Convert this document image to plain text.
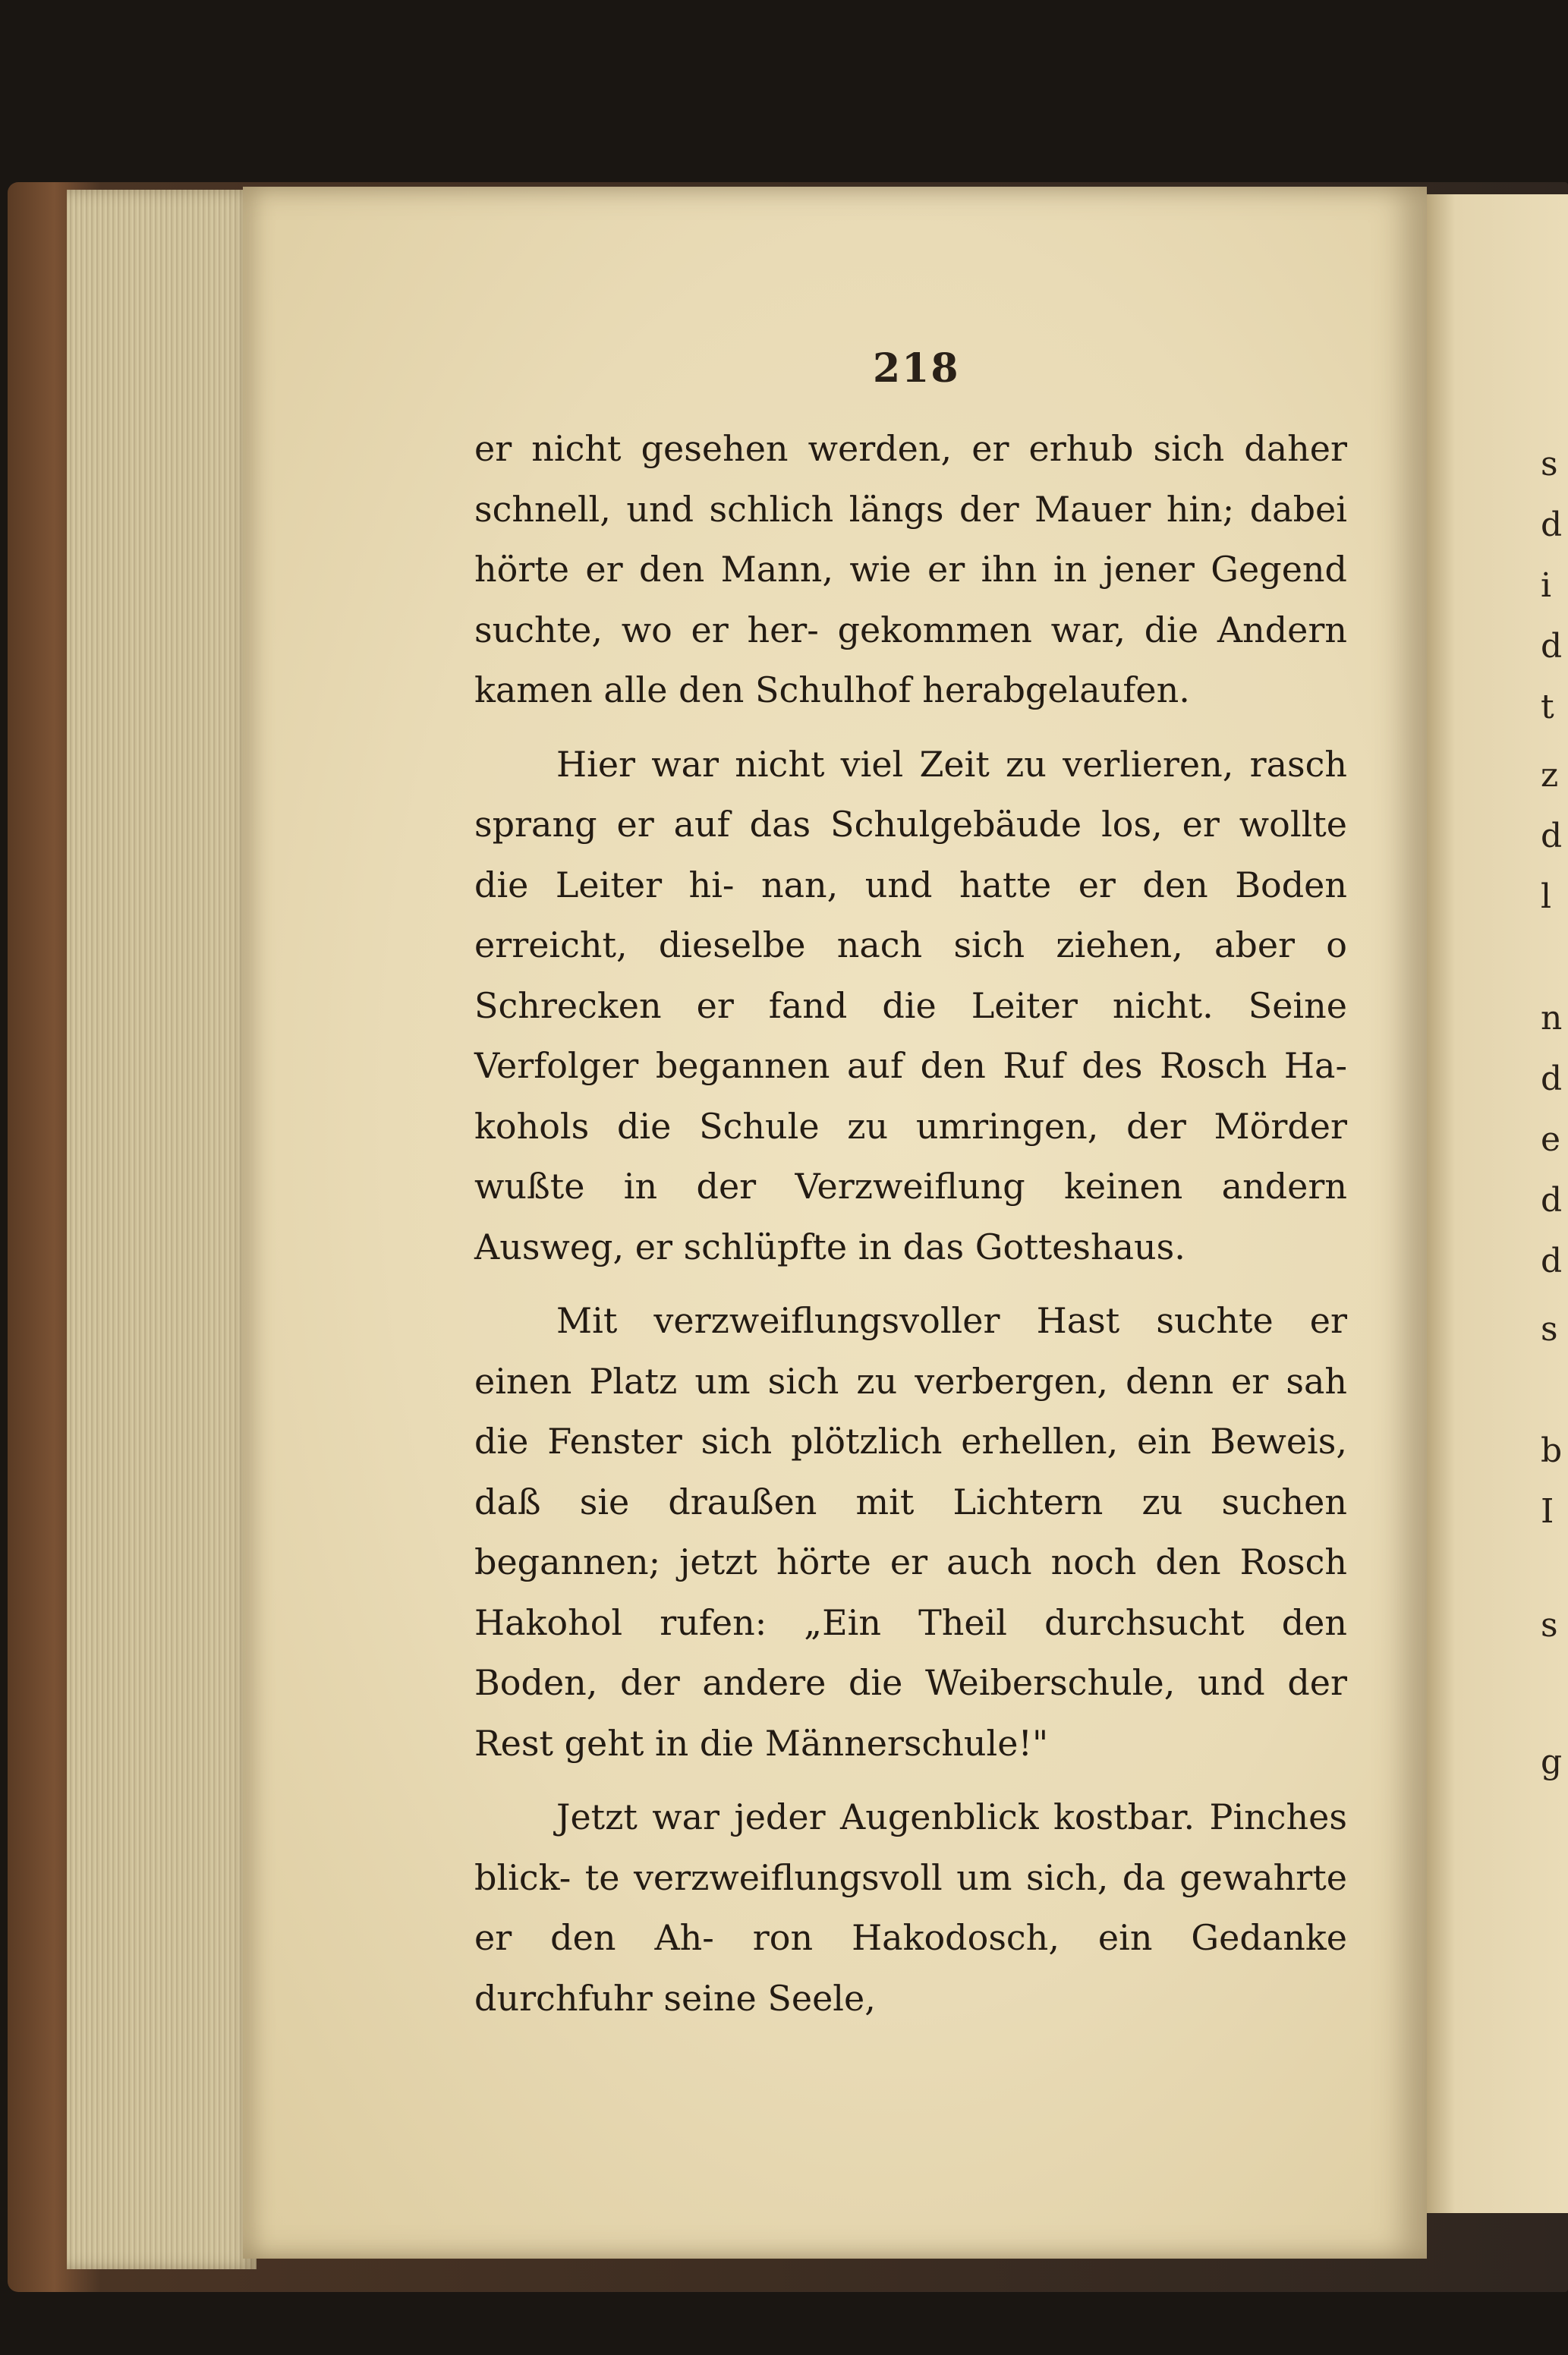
s
d
i
d
t
z
d
l
n
d
e
d
d
s
b
I
s
g
218

er nicht gesehen werden, er erhub sich daher schnell, und schlich längs der Mauer hin; dabei hörte er den Mann, wie er ihn in jener Gegend suchte, wo er her- gekommen war, die Andern kamen alle den Schulhof herabgelaufen.

Hier war nicht viel Zeit zu verlieren, rasch sprang er auf das Schulgebäude los, er wollte die Leiter hi- nan, und hatte er den Boden erreicht, dieselbe nach sich ziehen, aber o Schrecken er fand die Leiter nicht. Seine Verfolger begannen auf den Ruf des Rosch Ha- kohols die Schule zu umringen, der Mörder wußte in der Verzweiflung keinen andern Ausweg, er schlüpfte in das Gotteshaus.

Mit verzweiflungsvoller Hast suchte er einen Platz um sich zu verbergen, denn er sah die Fenster sich plötzlich erhellen, ein Beweis, daß sie draußen mit Lichtern zu suchen begannen; jetzt hörte er auch noch den Rosch Hakohol rufen: „Ein Theil durchsucht den Boden, der andere die Weiberschule, und der Rest geht in die Männerschule!"

Jetzt war jeder Augenblick kostbar. Pinches blick- te verzweiflungsvoll um sich, da gewahrte er den Ah- ron Hakodosch, ein Gedanke durchfuhr seine Seele,
